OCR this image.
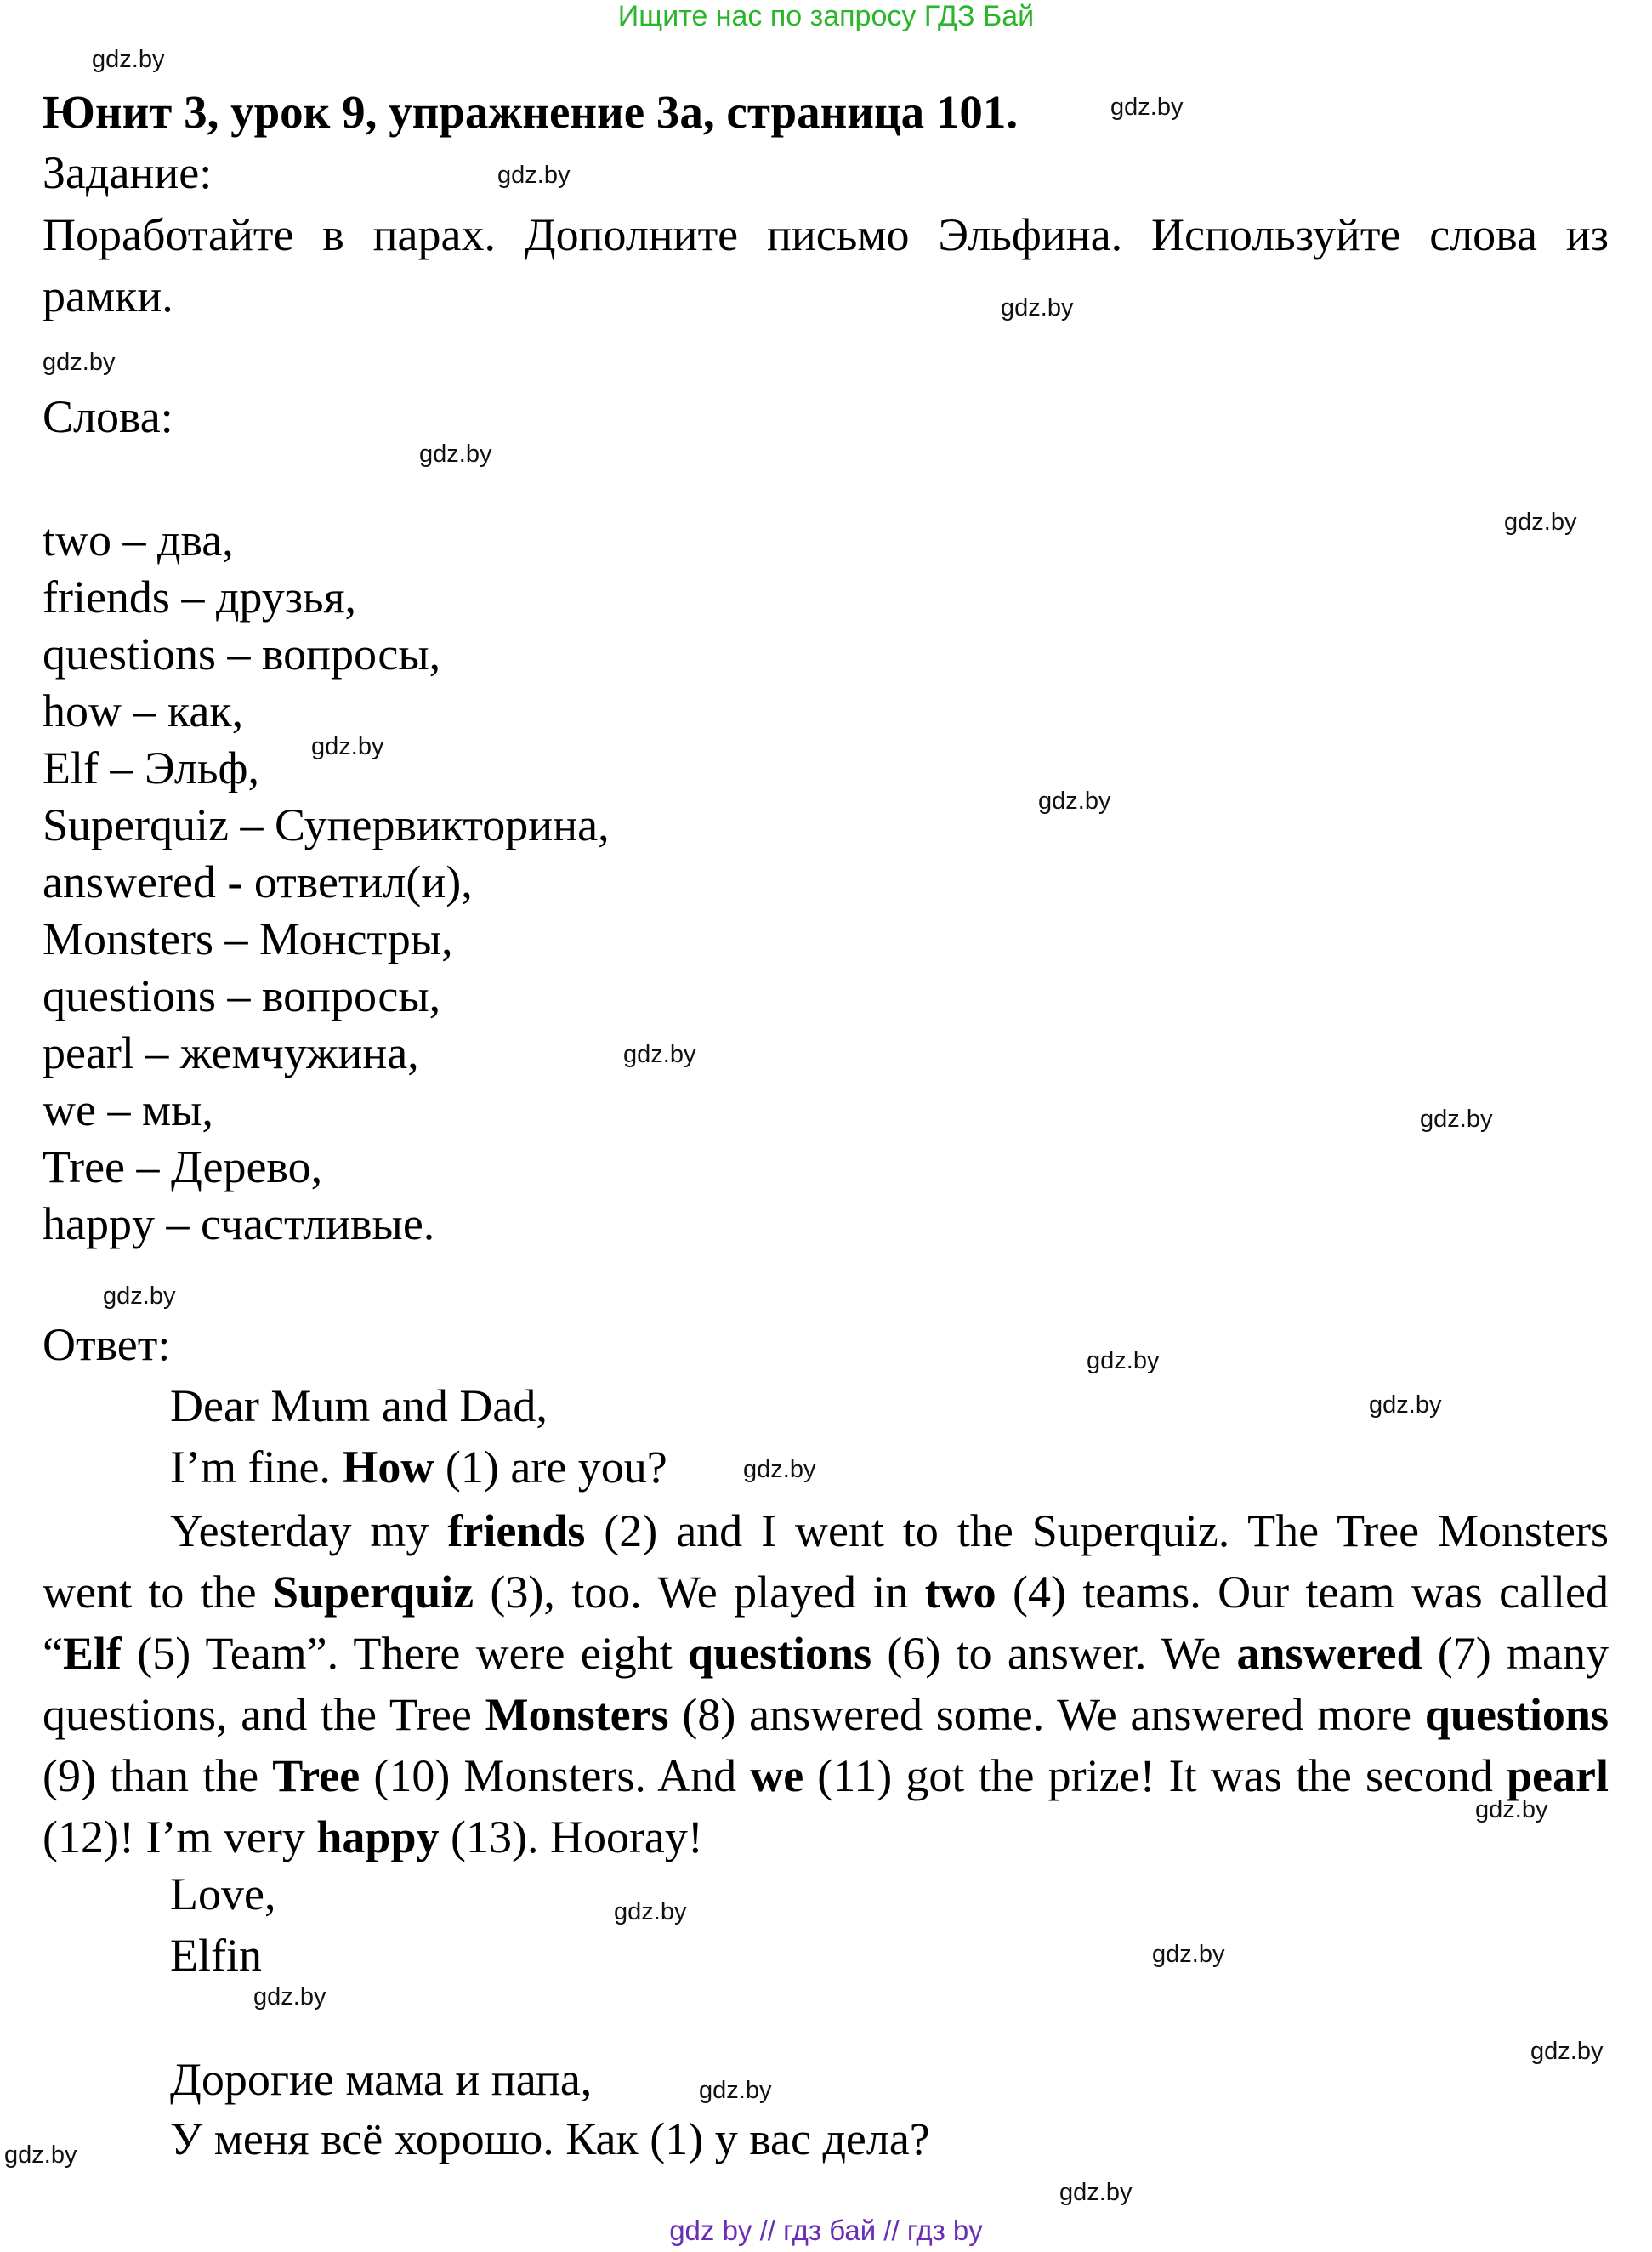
Ищите нас по запросу ГДЗ Бай
Юнит 3, урок 9, упражнение 3а, страница 101.
Задание:
Поработайте в парах. Дополните письмо Эльфина. Используйте слова из рамки.
Слова:
two – два,
friends – друзья,
questions – вопросы,
how – как,
Elf – Эльф,
Superquiz – Супервикторина,
answered - ответил(и),
Monsters – Монстры,
questions – вопросы,
pearl – жемчужина,
we – мы,
Tree – Дерево,
happy – счастливые.
Ответ:
Dear Mum and Dad,
I’m fine. How (1) are you?

Yesterday my friends (2) and I went to the Superquiz. The Tree Monsters went to the Superquiz (3), too. We played in two (4) teams. Our team was called “Elf (5) Team”. There were eight questions (6) to answer. We answered (7) many questions, and the Tree Monsters (8) answered some. We answered more questions (9) than the Tree (10) Monsters. And we (11) got the prize! It was the second pearl (12)! I’m very happy (13). Hooray!

Love,
Elfin
Дорогие мама и папа,
У меня всё хорошо. Как (1) у вас дела?
gdz.by
gdz.by
gdz.by
gdz.by
gdz.by
gdz.by
gdz.by
gdz.by
gdz.by
gdz.by
gdz.by
gdz.by
gdz.by
gdz.by
gdz.by
gdz.by
gdz.by
gdz.by
gdz.by
gdz.by
gdz.by
gdz.by
gdz.by
gdz by // гдз бай // гдз by
